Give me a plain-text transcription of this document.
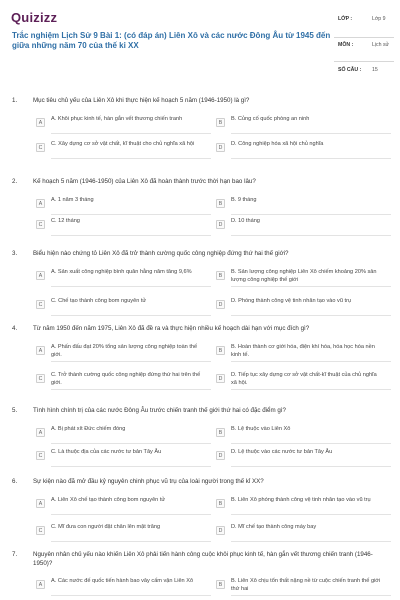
Quizizz
Trắc nghiệm Lịch Sử 9 Bài 1: (có đáp án) Liên Xô và các nước Đông Âu từ 1945 đến giữa những năm 70 của thế kỉ XX
LỚP :	Lớp 9
MÔN :	Lịch sử
SỐ CÂU : 15
1.	Mục tiêu chủ yếu của Liên Xô khi thực hiện kế hoạch 5 năm (1946-1950) là gì?
A
A. Khôi phục kinh tế, hàn gắn vết thương chiến tranh
B
B. Củng cố quốc phòng an ninh
C
C. Xây dựng cơ sở vật chất, kĩ thuật cho chủ nghĩa xã hội
D
D. Công nghiệp hóa xã hội chủ nghĩa
2.	Kế hoạch 5 năm (1946-1950) của Liên Xô đã hoàn thành trước thời hạn bao lâu?
A
A. 1 năm 3 tháng
B
B. 9 tháng
C
C. 12 tháng
D
D. 10 tháng
3.	Biểu hiện nào chứng tỏ Liên Xô đã trở thành cường quốc công nghiệp đứng thứ hai thế giới?
A
A. Sản xuất công nghiệp bình quân hằng năm tăng 9,6%
B
B. Sản lượng công nghiệp Liên Xô chiếm khoảng 20% sản lượng công nghiệp thế giới
C
C. Chế tạo thành công bom nguyên tử
D
D. Phóng thành công vệ tinh nhân tạo vào vũ trụ
4.	Từ năm 1950 đến năm 1975, Liên Xô đã đề ra và thực hiện nhiều kế hoạch dài hạn với mục đích gì?
A
A. Phấn đấu đạt 20% tổng sản lượng công nghiệp toàn thế giới.
B
B. Hoàn thành cơ giới hóa, điện khí hóa, hóa học hóa nền kinh tế.
C
C. Trở thành cường quốc công nghiệp đứng thứ hai trên thế giới.
D
D. Tiếp tục xây dựng cơ sở vật chất-kĩ thuật của chủ nghĩa xã hội.
5.	Tình hình chính trị của các nước Đông Âu trước chiến tranh thế giới thứ hai có đặc điểm gì?
A
A. Bị phát xít Đức chiếm đóng
B
B. Lệ thuộc vào Liên Xô
C
C. Là thuộc địa của các nước tư bản Tây Âu
D
D. Lệ thuộc vào các nước tư bản Tây Âu
6.	Sự kiện nào đã mở đầu kỷ nguyên chinh phục vũ trụ của loài người trong thế kỉ XX?
A
A. Liên Xô chế tạo thành công bom nguyên tử
B
B. Liên Xô phóng thành công vệ tinh nhân tạo vào vũ trụ
C
C. Mĩ đưa con người đặt chân lên mặt trăng
D
D. Mĩ chế tạo thành công máy bay
7.	Nguyên nhân chủ yếu nào khiến Liên Xô phải tiến hành công cuộc khôi phục kinh tế, hàn gắn vết thương chiến tranh (1946-1950)?
A
A. Các nước đế quốc tiến hành bao vây cấm vận Liên Xô
B
B. Liên Xô chịu tổn thất nặng nề từ cuộc chiến tranh thế giới thứ hai
